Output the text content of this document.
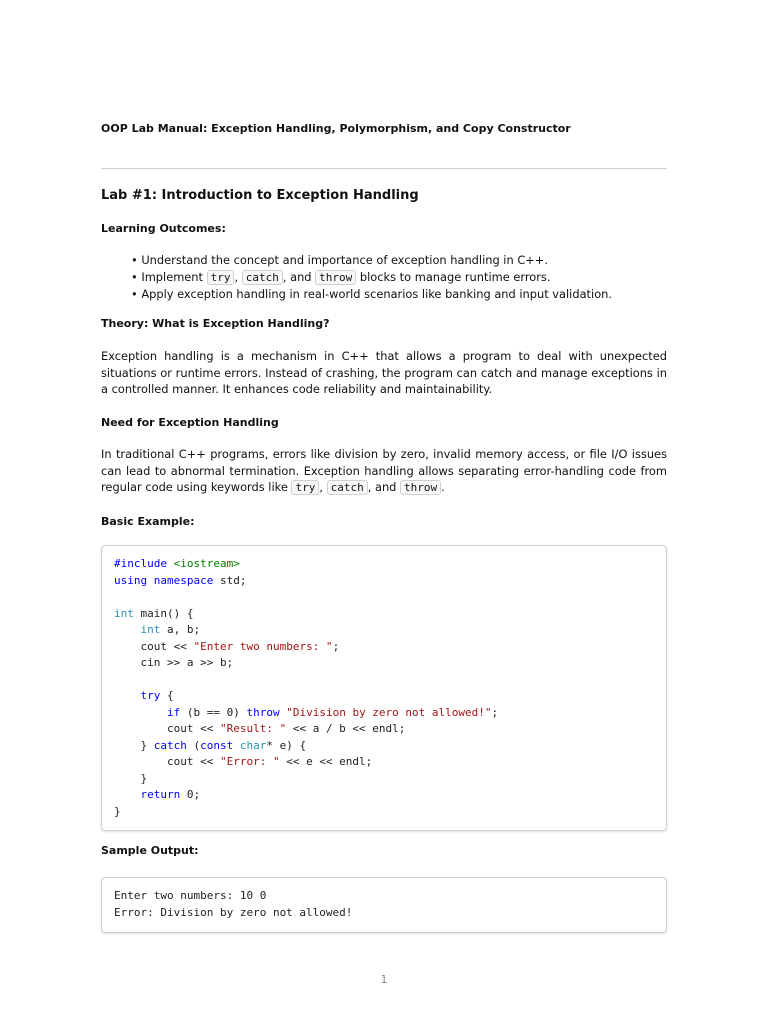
OOP Lab Manual: Exception Handling, Polymorphism, and Copy Constructor
Lab #1: Introduction to Exception Handling
Learning Outcomes:
• Understand the concept and importance of exception handling in C++.
• Implement try , catch , and throw blocks to manage runtime errors.
• Apply exception handling in real-world scenarios like banking and input validation.
Theory: What is Exception Handling?
Exception handling is a mechanism in C++ that allows a program to deal with unexpected situations or runtime errors. Instead of crashing, the program can catch and manage exceptions in a controlled manner. It enhances code reliability and maintainability.
Need for Exception Handling
In traditional C++ programs, errors like division by zero, invalid memory access, or file I/O issues can lead to abnormal termination. Exception handling allows separating error-handling code from regular code using keywords like try , catch , and throw .
Basic Example:
#include <iostream>
using namespace std;

int main() {
int a, b;
cout << "Enter two numbers: ";
cin >> a >> b;

try {
if (b == 0) throw "Division by zero not allowed!";
cout << "Result: " << a / b << endl;
} catch (const char* e) {
cout << "Error: " << e << endl;
}
return 0;
}
Sample Output:
Enter two numbers: 10 0
Error: Division by zero not allowed!
1
